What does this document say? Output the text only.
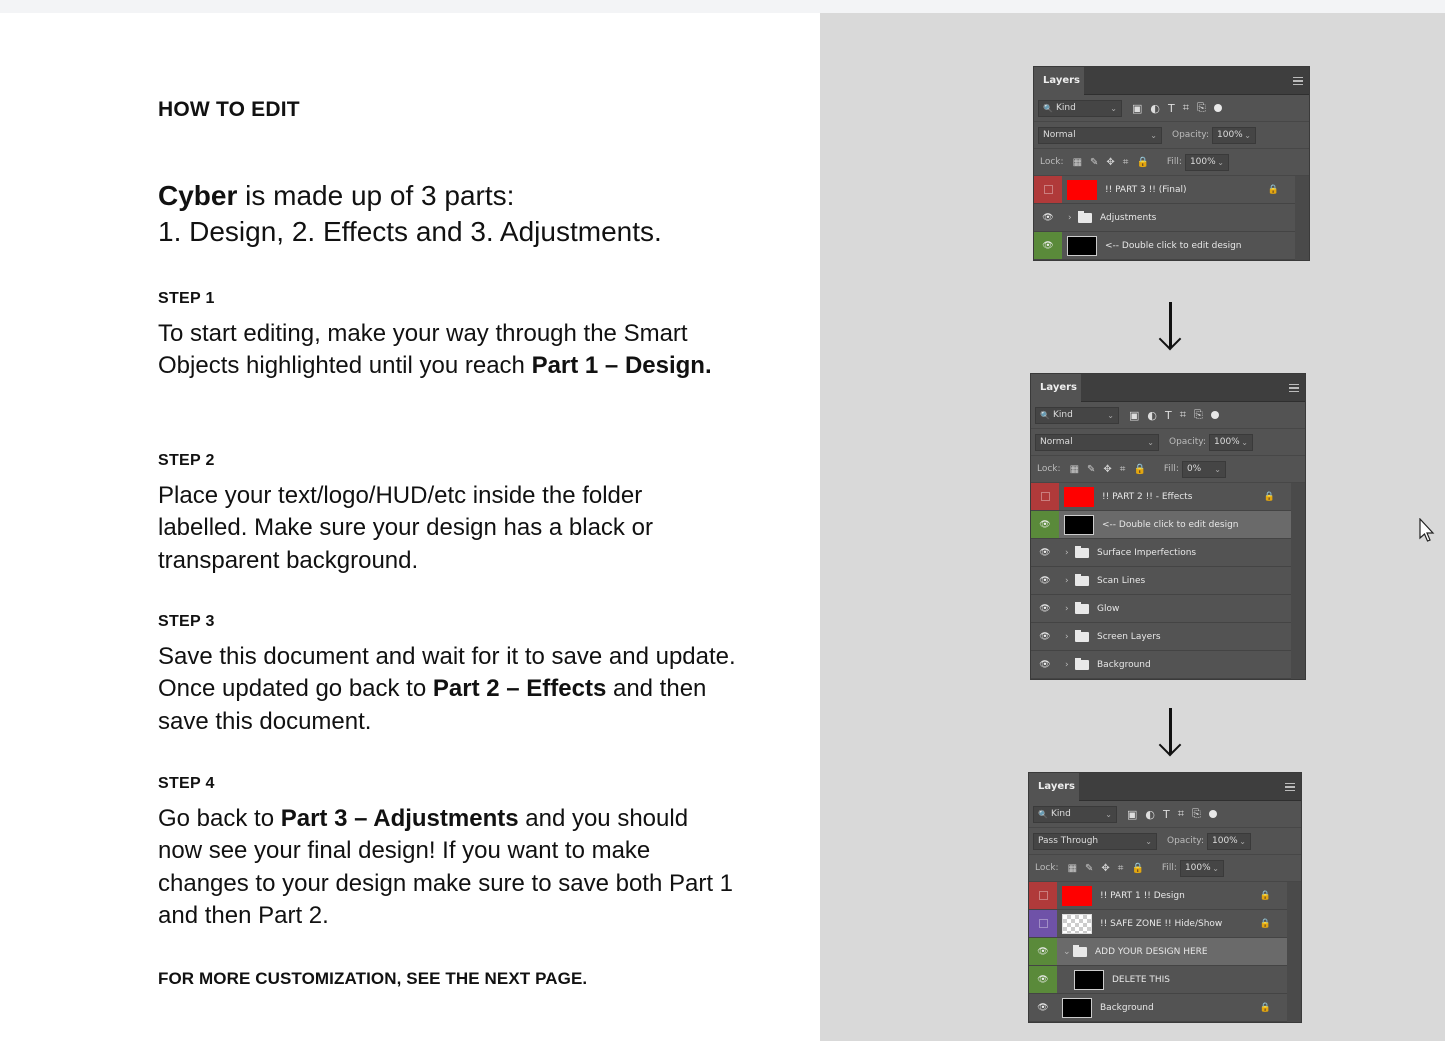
HOW TO EDIT
Cyber is made up of 3 parts:
1. Design, 2. Effects and 3. Adjustments.
STEP 1
To start editing, make your way through the Smart Objects highlighted until you reach Part 1 – Design.
STEP 2
Place your text/logo/HUD/etc inside the folder labelled. Make sure your design has a black or transparent background.
STEP 3
Save this document and wait for it to save and update. Once updated go back to Part 2 – Effects and then save this document.
STEP 4
Go back to Part 3 – Adjustments and you should now see your final design! If you want to make changes to your design make sure to save both Part 1 and then Part 2.
FOR MORE CUSTOMIZATION, SEE THE NEXT PAGE.
Layers
🔍 Kind	⌄ ▣ ◐ T ⌗ ⎘
Normal	⌄ Opacity: 100% ⌄
Lock: ▦ ✎ ✥ ⌗ 🔒 Fill: 100% ⌄
!! PART 3 !! (Final)	🔒
👁	›	Adjustments
👁	<-- Double click to edit design
Layers
🔍 Kind	⌄ ▣ ◐ T ⌗ ⎘
Normal	⌄ Opacity: 100% ⌄
Lock: ▦ ✎ ✥ ⌗ 🔒 Fill: 0% ⌄
!! PART 2 !! - Effects	🔒
👁	<-- Double click to edit design
👁	›	Surface Imperfections
👁	›	Scan Lines
👁	›	Glow
👁	›	Screen Layers
👁	›	Background
Layers
🔍 Kind	⌄ ▣ ◐ T ⌗ ⎘
Pass Through	⌄ Opacity: 100% ⌄
Lock: ▦ ✎ ✥ ⌗ 🔒 Fill: 100% ⌄
!! PART 1 !! Design	🔒
!! SAFE ZONE !! Hide/Show	🔒
👁	⌄	ADD YOUR DESIGN HERE
👁	DELETE THIS
👁	Background	🔒
